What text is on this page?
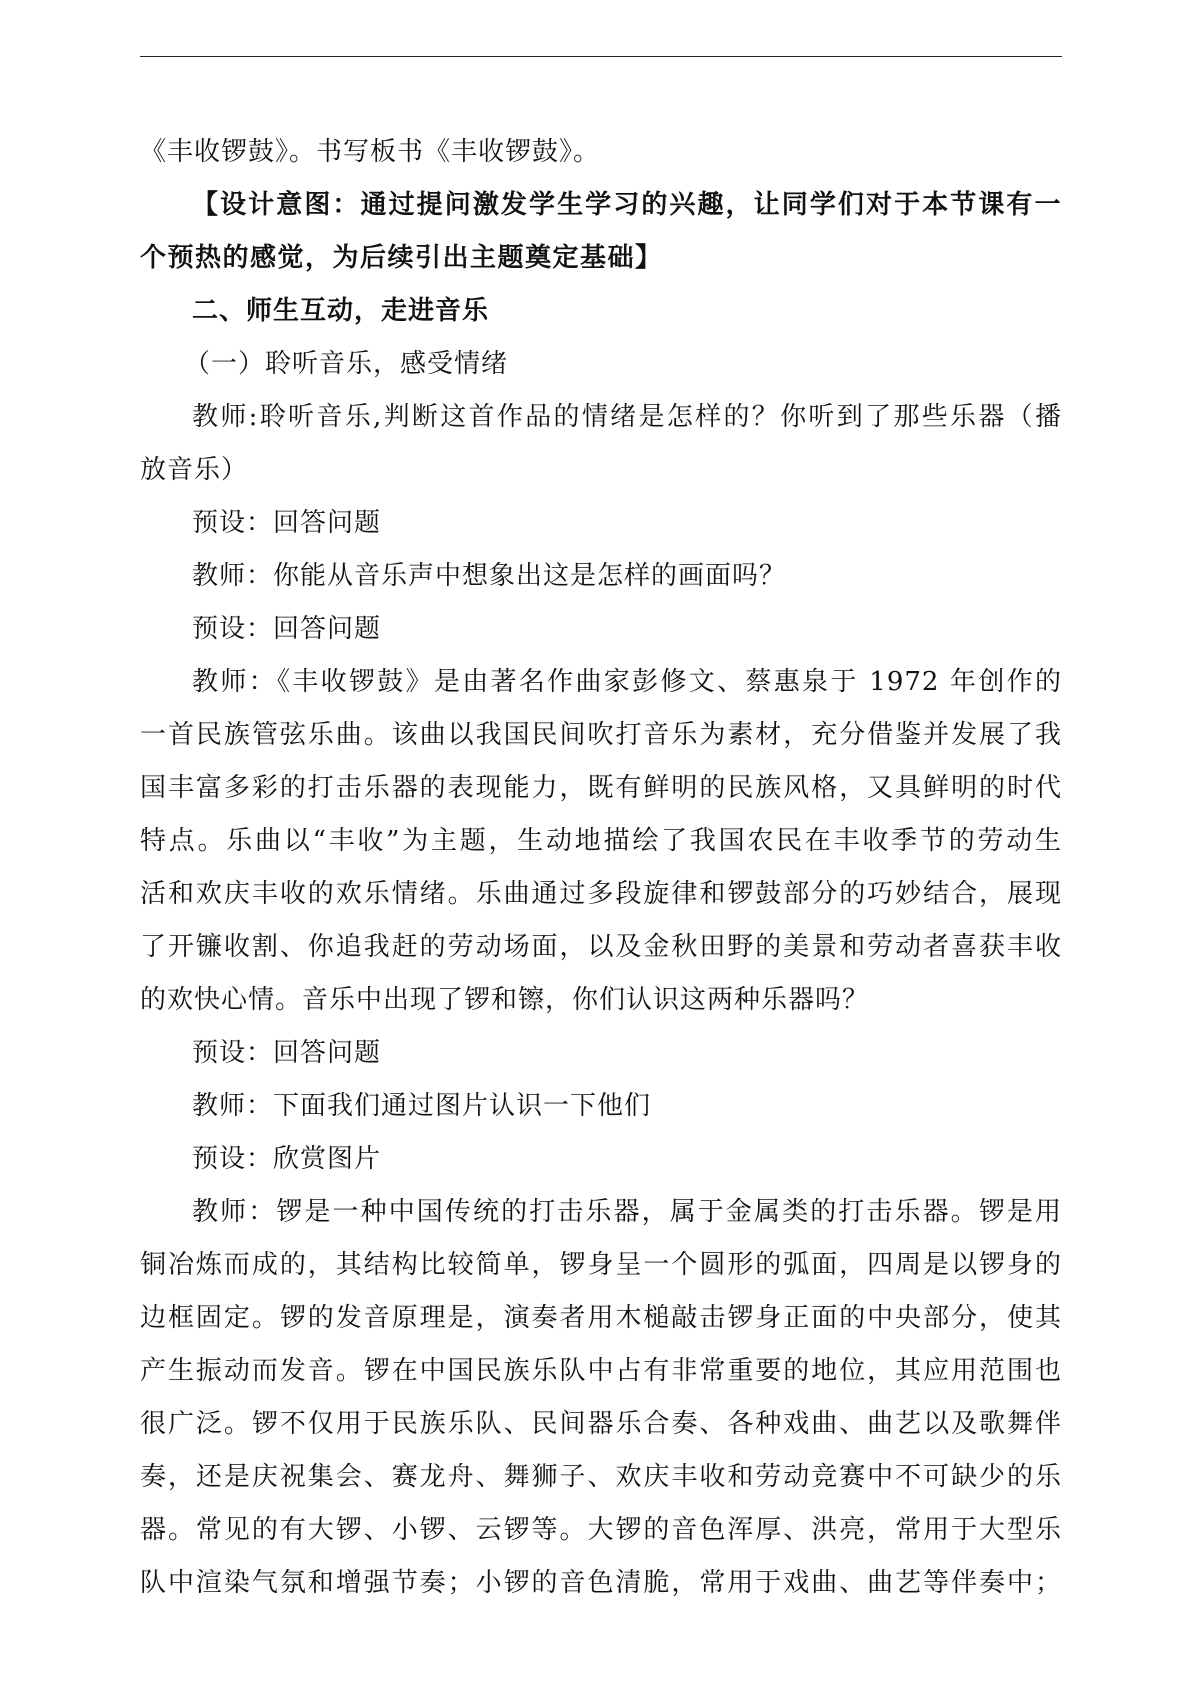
《丰收锣鼓》。书写板书《丰收锣鼓》。
【设计意图：通过提问激发学生学习的兴趣，让同学们对于本节课有一
个预热的感觉，为后续引出主题奠定基础】
二、师生互动，走进音乐
（一）聆听音乐，感受情绪
教师:聆听音乐,判断这首作品的情绪是怎样的？你听到了那些乐器（播
放音乐）
预设：回答问题
教师：你能从音乐声中想象出这是怎样的画面吗？
预设：回答问题
教师：《丰收锣鼓》是由著名作曲家彭修文、蔡惠泉于 1972 年创作的
一首民族管弦乐曲。该曲以我国民间吹打音乐为素材，充分借鉴并发展了我
国丰富多彩的打击乐器的表现能力，既有鲜明的民族风格，又具鲜明的时代
特点。乐曲以“丰收”为主题，生动地描绘了我国农民在丰收季节的劳动生
活和欢庆丰收的欢乐情绪。乐曲通过多段旋律和锣鼓部分的巧妙结合，展现
了开镰收割、你追我赶的劳动场面，以及金秋田野的美景和劳动者喜获丰收
的欢快心情。音乐中出现了锣和镲，你们认识这两种乐器吗？
预设：回答问题
教师：下面我们通过图片认识一下他们
预设：欣赏图片
教师：锣是一种中国传统的打击乐器，属于金属类的打击乐器。锣是用
铜冶炼而成的，其结构比较简单，锣身呈一个圆形的弧面，四周是以锣身的
边框固定。锣的发音原理是，演奏者用木槌敲击锣身正面的中央部分，使其
产生振动而发音。锣在中国民族乐队中占有非常重要的地位，其应用范围也
很广泛。锣不仅用于民族乐队、民间器乐合奏、各种戏曲、曲艺以及歌舞伴
奏，还是庆祝集会、赛龙舟、舞狮子、欢庆丰收和劳动竞赛中不可缺少的乐
器。常见的有大锣、小锣、云锣等。大锣的音色浑厚、洪亮，常用于大型乐
队中渲染气氛和增强节奏；小锣的音色清脆，常用于戏曲、曲艺等伴奏中；
